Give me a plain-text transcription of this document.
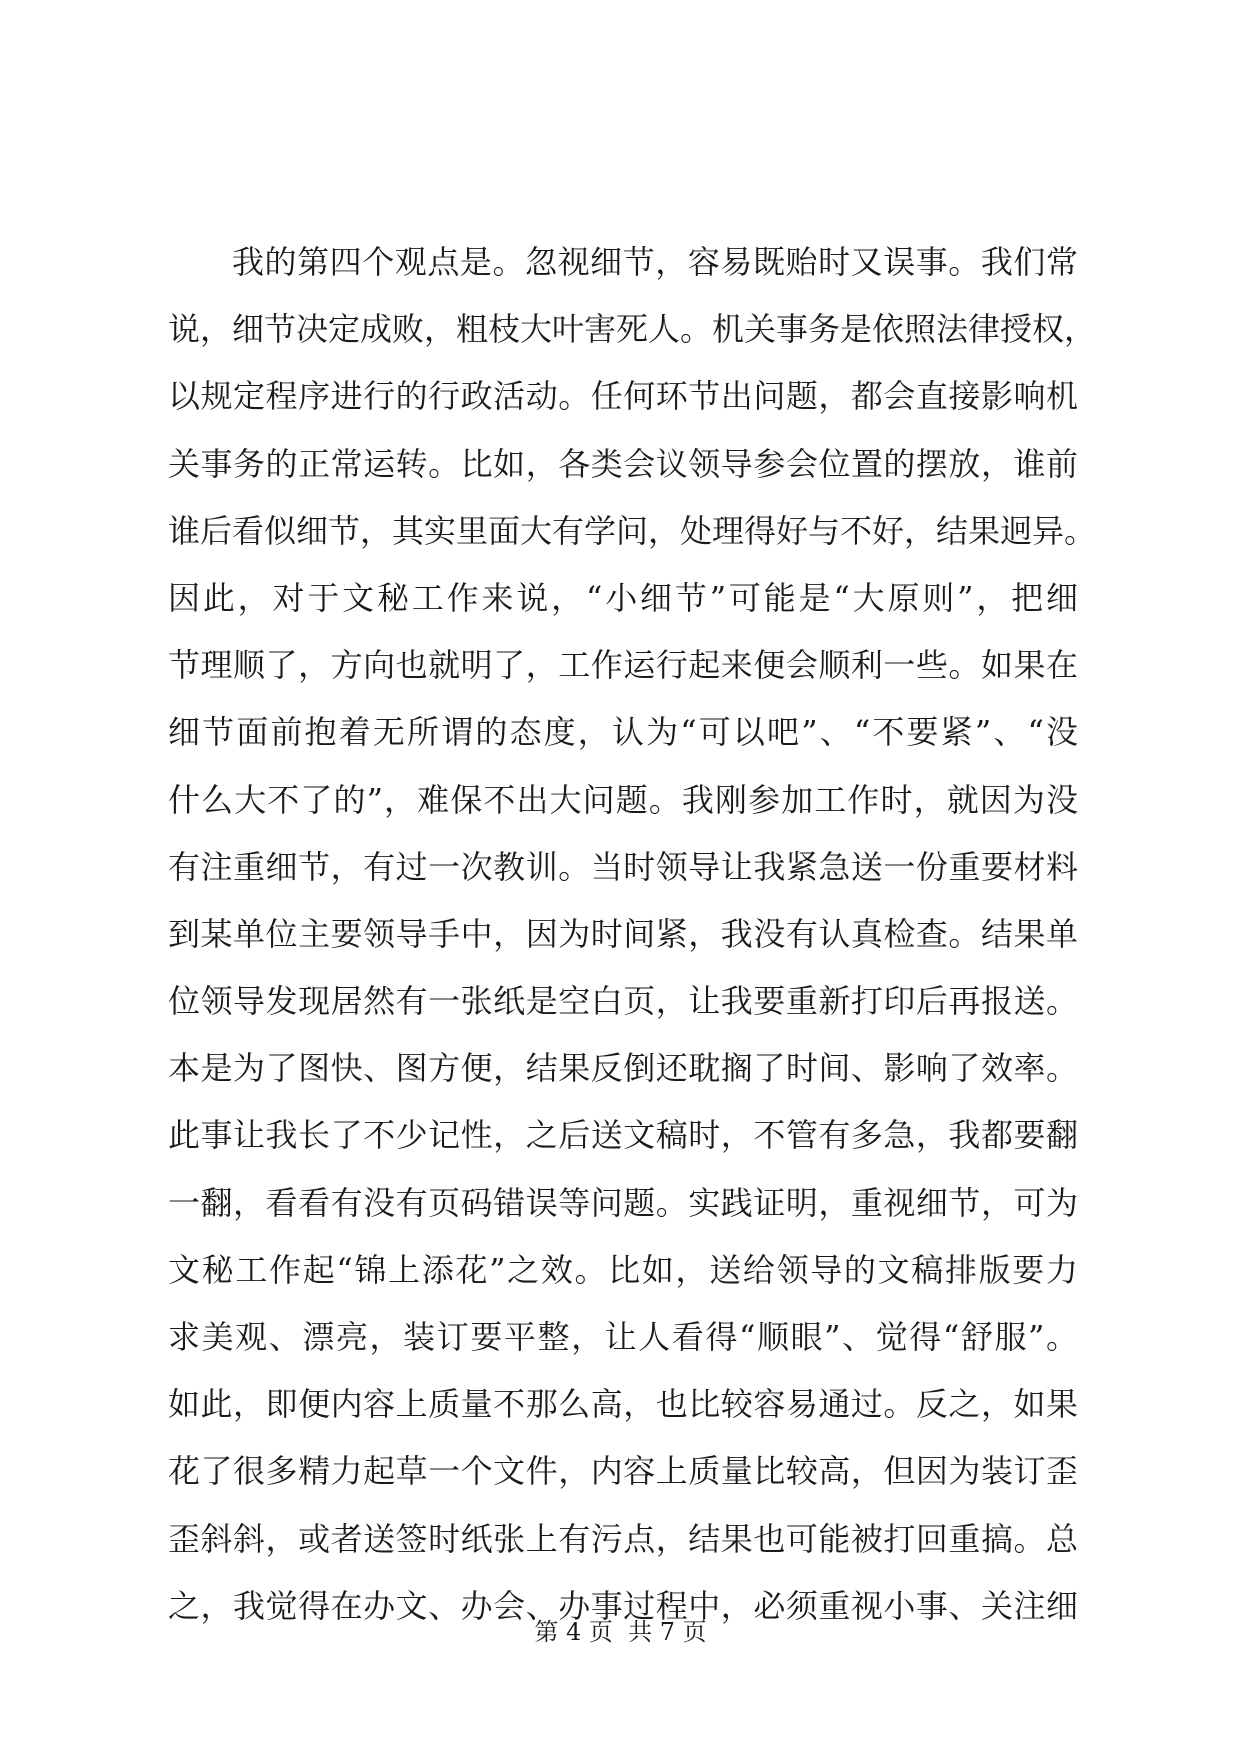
我的第四个观点是。忽视细节，容易既贻时又误事。我们常
说，细节决定成败，粗枝大叶害死人。机关事务是依照法律授权，
以规定程序进行的行政活动。任何环节出问题，都会直接影响机
关事务的正常运转。比如，各类会议领导参会位置的摆放，谁前
谁后看似细节，其实里面大有学问，处理得好与不好，结果迥异。
因此，对于文秘工作来说，“小细节”可能是“大原则”，把细
节理顺了，方向也就明了，工作运行起来便会顺利一些。如果在
细节面前抱着无所谓的态度，认为“可以吧”、“不要紧”、“没
什么大不了的”，难保不出大问题。我刚参加工作时，就因为没
有注重细节，有过一次教训。当时领导让我紧急送一份重要材料
到某单位主要领导手中，因为时间紧，我没有认真检查。结果单
位领导发现居然有一张纸是空白页，让我要重新打印后再报送。
本是为了图快、图方便，结果反倒还耽搁了时间、影响了效率。
此事让我长了不少记性，之后送文稿时，不管有多急，我都要翻
一翻，看看有没有页码错误等问题。实践证明，重视细节，可为
文秘工作起“锦上添花”之效。比如，送给领导的文稿排版要力
求美观、漂亮，装订要平整，让人看得“顺眼”、觉得“舒服”。
如此，即便内容上质量不那么高，也比较容易通过。反之，如果
花了很多精力起草一个文件，内容上质量比较高，但因为装订歪
歪斜斜，或者送签时纸张上有污点，结果也可能被打回重搞。总
之，我觉得在办文、办会、办事过程中，必须重视小事、关注细
第 4 页  共 7 页
